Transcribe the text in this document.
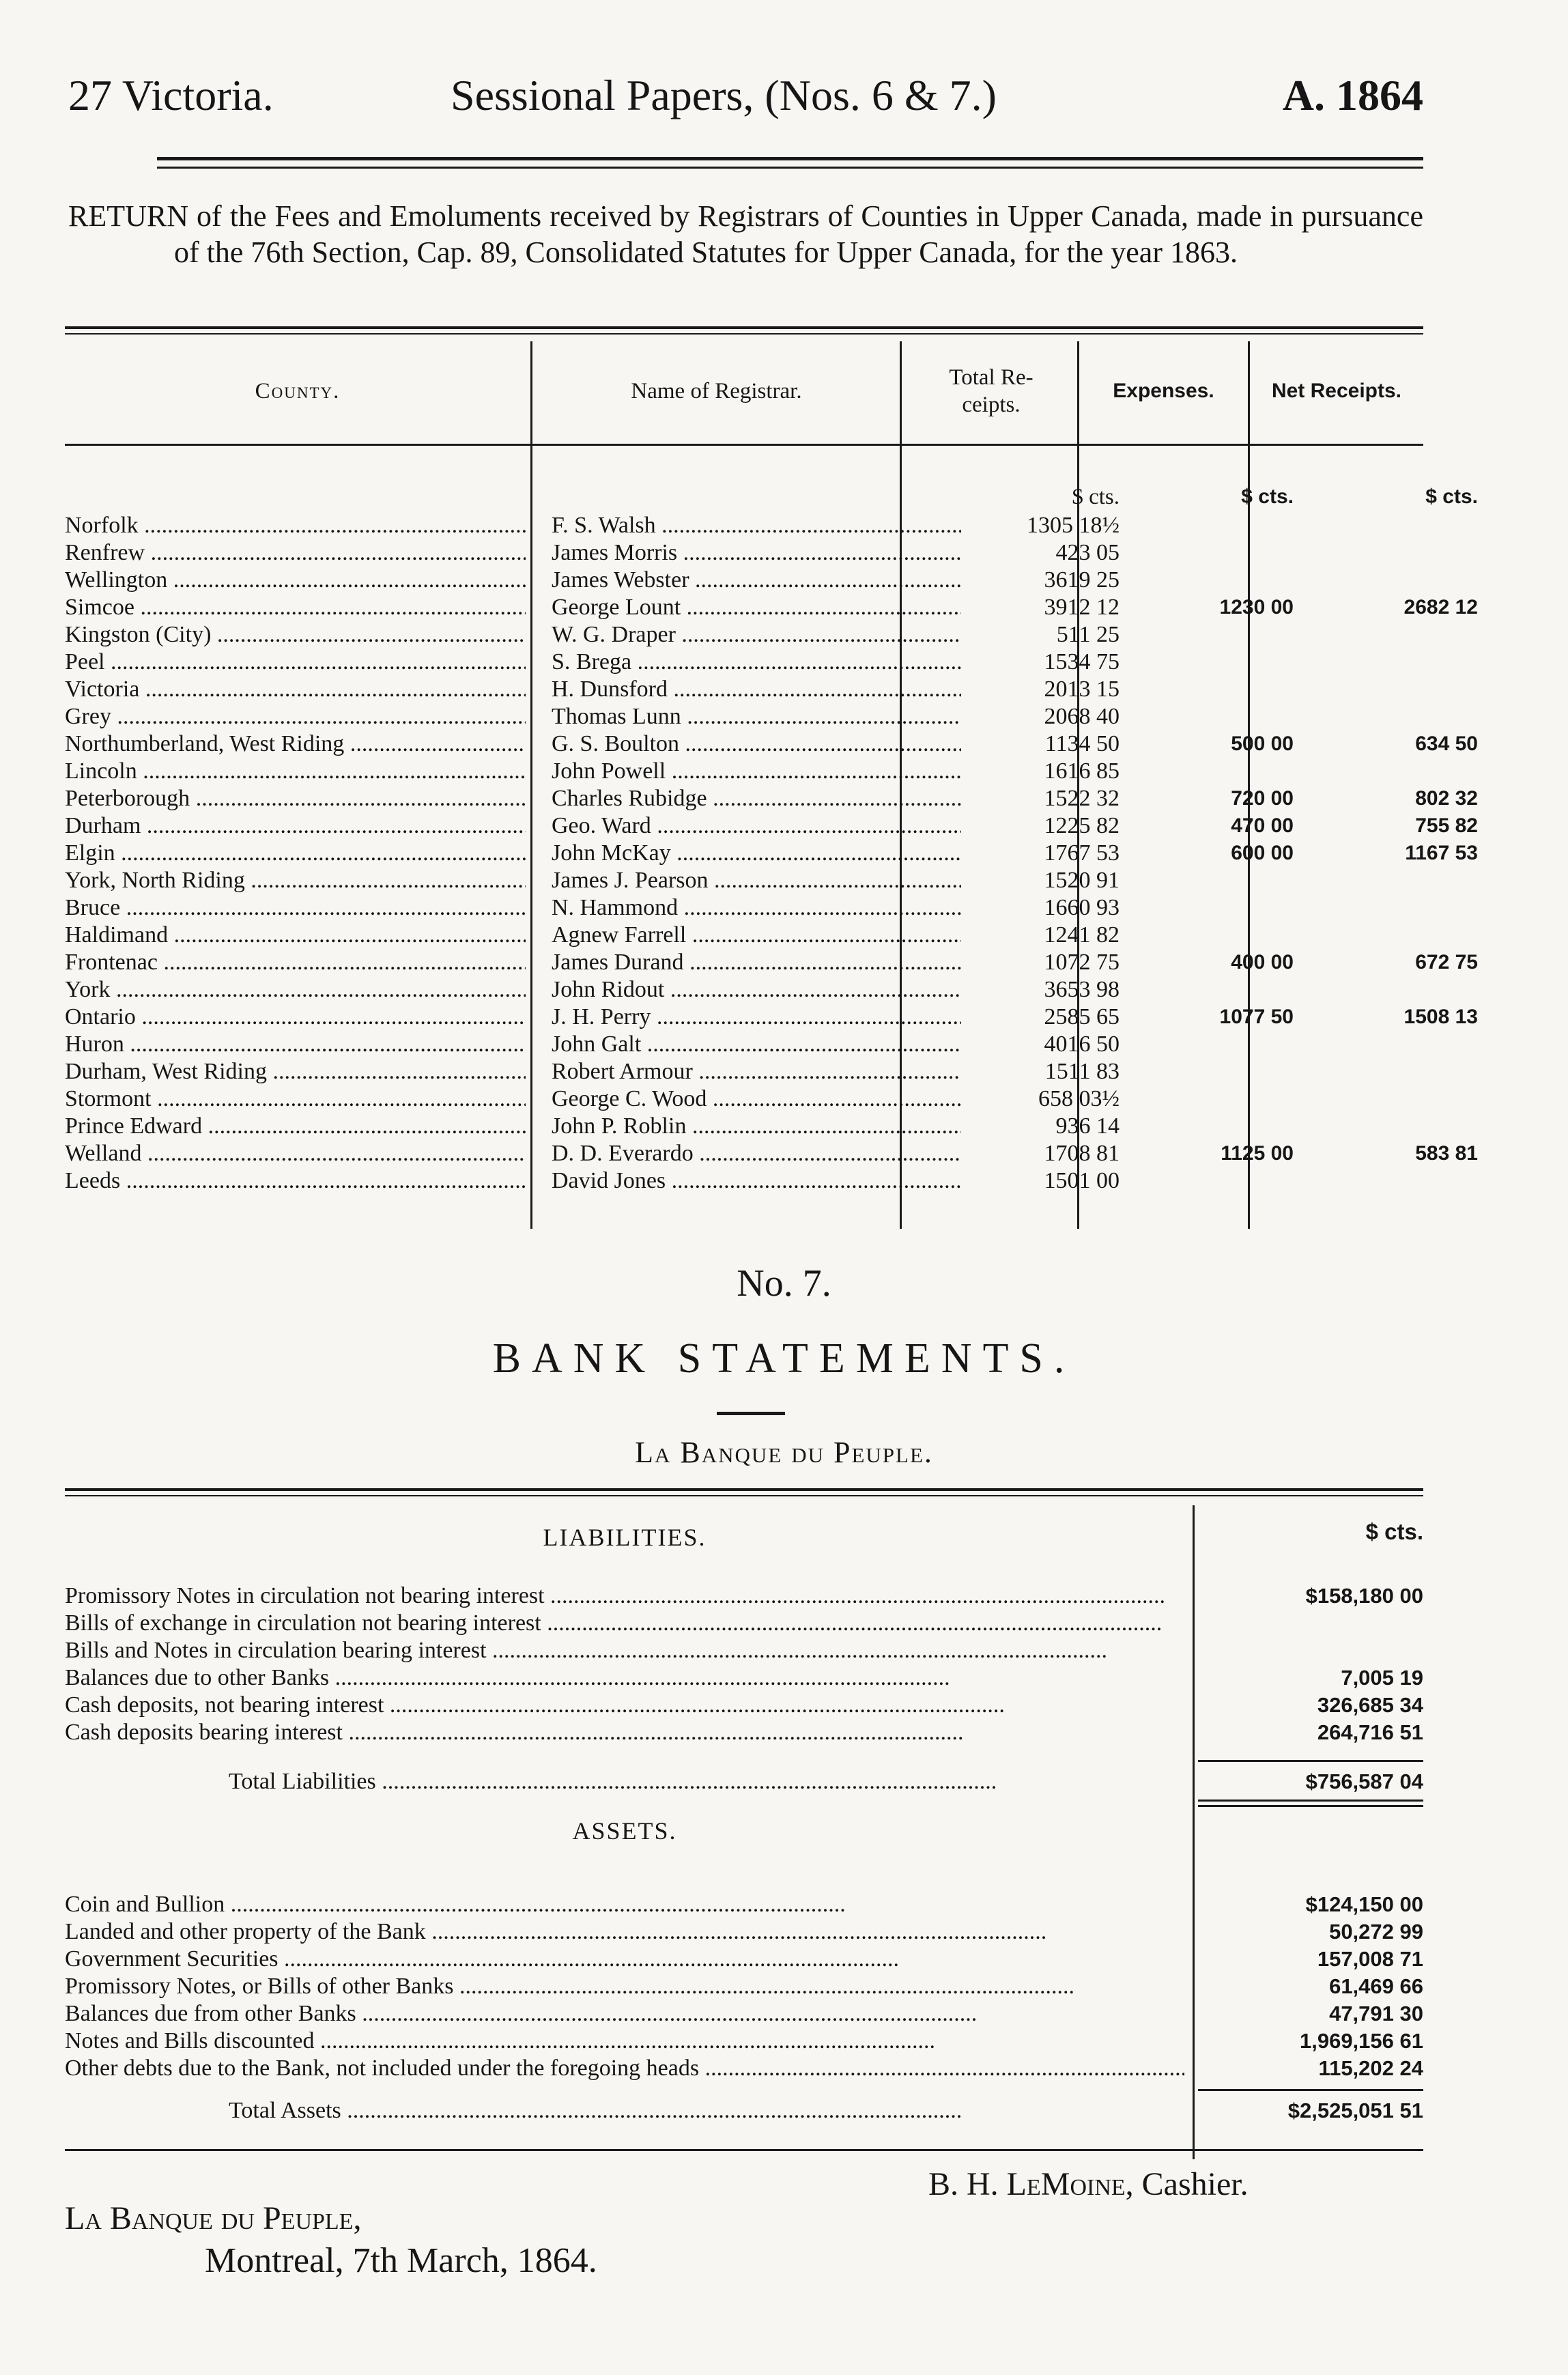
27 Victoria.	Sessional Papers, (Nos. 6 & 7.)	A. 1864
RETURN of the Fees and Emoluments received by Registrars of Counties in Upper Canada, made in pursuance of the 76th Section, Cap. 89, Consolidated Statutes for Upper Canada, for the year 1863.
County.	Name of Registrar.
Total Re-ceipts.
Expenses.	Net Receipts.
$ cts.	$ cts.	$ cts.
Norfolk .....	F. S. Walsh .....	1305 18½
Renfrew .....	James Morris .....	423 05
Wellington .....	James Webster .....	3619 25
Simcoe .....	George Lount .....	3912 12	1230 00	2682 12
Kingston (City) .....	W. G. Draper .....	511 25
Peel .....	S. Brega .....	1534 75
Victoria .....	H. Dunsford .....	2013 15
Grey .....	Thomas Lunn .....	2068 40
Northumberland, West Riding .....	G. S. Boulton .....	1134 50	500 00	634 50
Lincoln .....	John Powell .....	1616 85
Peterborough .....	Charles Rubidge .....	1522 32	720 00	802 32
Durham .....	Geo. Ward .....	1225 82	470 00	755 82
Elgin .....	John McKay .....	1767 53	600 00	1167 53
York, North Riding .....	James J. Pearson .....	1520 91
Bruce .....	N. Hammond .....	1660 93
Haldimand .....	Agnew Farrell .....	1241 82
Frontenac .....	James Durand .....	1072 75	400 00	672 75
York .....	John Ridout .....	3653 98
Ontario .....	J. H. Perry .....	2585 65	1077 50	1508 13
Huron .....	John Galt .....	4016 50
Durham, West Riding .....	Robert Armour .....	1511 83
Stormont .....	George C. Wood .....	658 03½
Prince Edward .....	John P. Roblin .....	936 14
Welland .....	D. D. Everardo .....	1708 81	1125 00	583 81
Leeds .....	David Jones .....	1501 00
No. 7.
BANK STATEMENTS.
La Banque du Peuple.
LIABILITIES.	$ cts.
Promissory Notes in circulation not bearing interest .....	$158,180 00
Bills of exchange in circulation not bearing interest .....
Bills and Notes in circulation bearing interest .....
Balances due to other Banks .....	7,005 19
Cash deposits, not bearing interest .....	326,685 34
Cash deposits bearing interest .....	264,716 51
Total Liabilities .....	$756,587 04
ASSETS.
Coin and Bullion .....	$124,150 00
Landed and other property of the Bank .....	50,272 99
Government Securities .....	157,008 71
Promissory Notes, or Bills of other Banks .....	61,469 66
Balances due from other Banks .....	47,791 30
Notes and Bills discounted .....	1,969,156 61
Other debts due to the Bank, not included under the foregoing heads .....	115,202 24
Total Assets .....	$2,525,051 51
B. H. LeMoine, Cashier.
La Banque du Peuple,
Montreal, 7th March, 1864.
